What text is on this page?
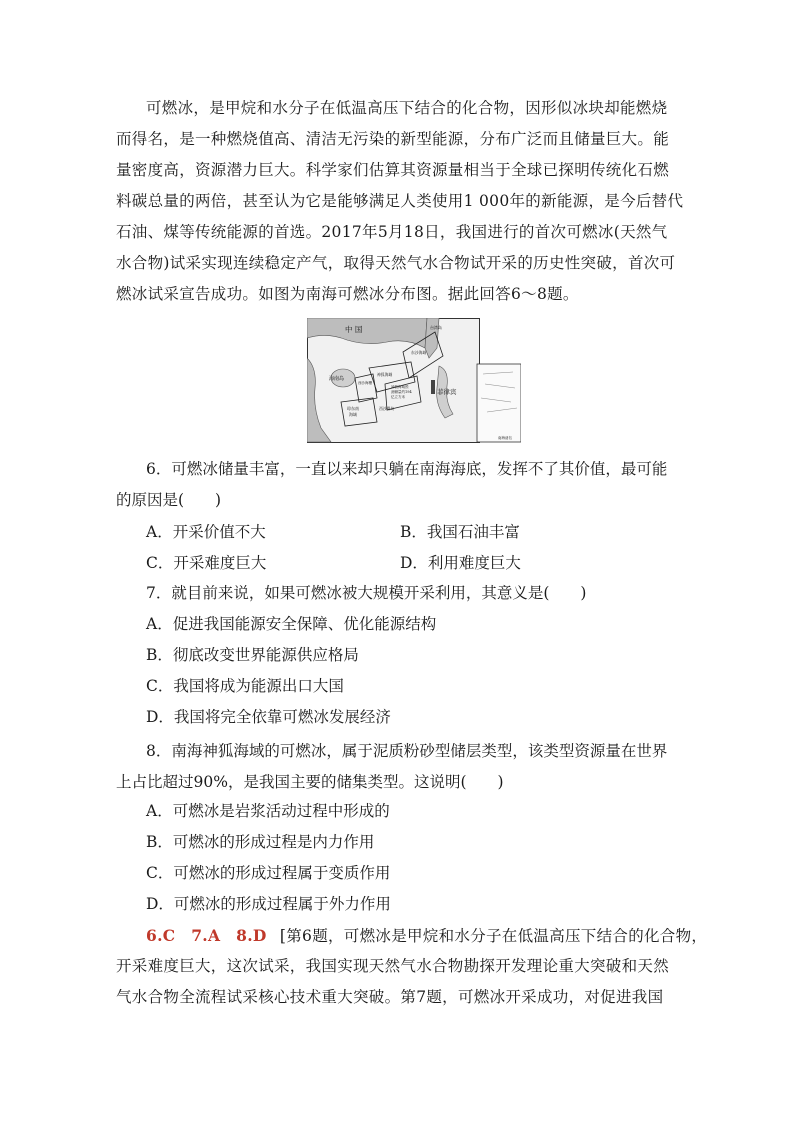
可燃冰，是甲烷和水分子在低温高压下结合的化合物，因形似冰块却能燃烧
而得名，是一种燃烧值高、清洁无污染的新型能源，分布广泛而且储量巨大。能
量密度高，资源潜力巨大。科学家们估算其资源量相当于全球已探明传统化石燃
料碳总量的两倍，甚至认为它是能够满足人类使用1 000年的新能源，是今后替代
石油、煤等传统能源的首选。2017年5月18日，我国进行的首次可燃冰(天然气
水合物)试采实现连续稳定产气，取得天然气水合物试开采的历史性突破，首次可
燃冰试采宣告成功。如图为南海可燃冰分布图。据此回答6～8题。
中 国	台湾岛
海南岛
东沙海域
神狐海域
西沙海槽
神狐海域预
测储量约194
亿立方米
琼东南
海域
西沙群岛
菲律宾
南海诸岛
6．可燃冰储量丰富，一直以来却只躺在南海海底，发挥不了其价值，最可能
的原因是(　　)
A．开采价值不大	B．我国石油丰富
C．开采难度巨大	D．利用难度巨大
7．就目前来说，如果可燃冰被大规模开采利用，其意义是(　　)
A．促进我国能源安全保障、优化能源结构
B．彻底改变世界能源供应格局
C．我国将成为能源出口大国
D．我国将完全依靠可燃冰发展经济
8．南海神狐海域的可燃冰，属于泥质粉砂型储层类型，该类型资源量在世界
上占比超过90%，是我国主要的储集类型。这说明(　　)
A．可燃冰是岩浆活动过程中形成的
B．可燃冰的形成过程是内力作用
C．可燃冰的形成过程属于变质作用
D．可燃冰的形成过程属于外力作用
6.C　7.A　8.D [第6题，可燃冰是甲烷和水分子在低温高压下结合的化合物，
开采难度巨大，这次试采，我国实现天然气水合物勘探开发理论重大突破和天然
气水合物全流程试采核心技术重大突破。第7题，可燃冰开采成功，对促进我国
